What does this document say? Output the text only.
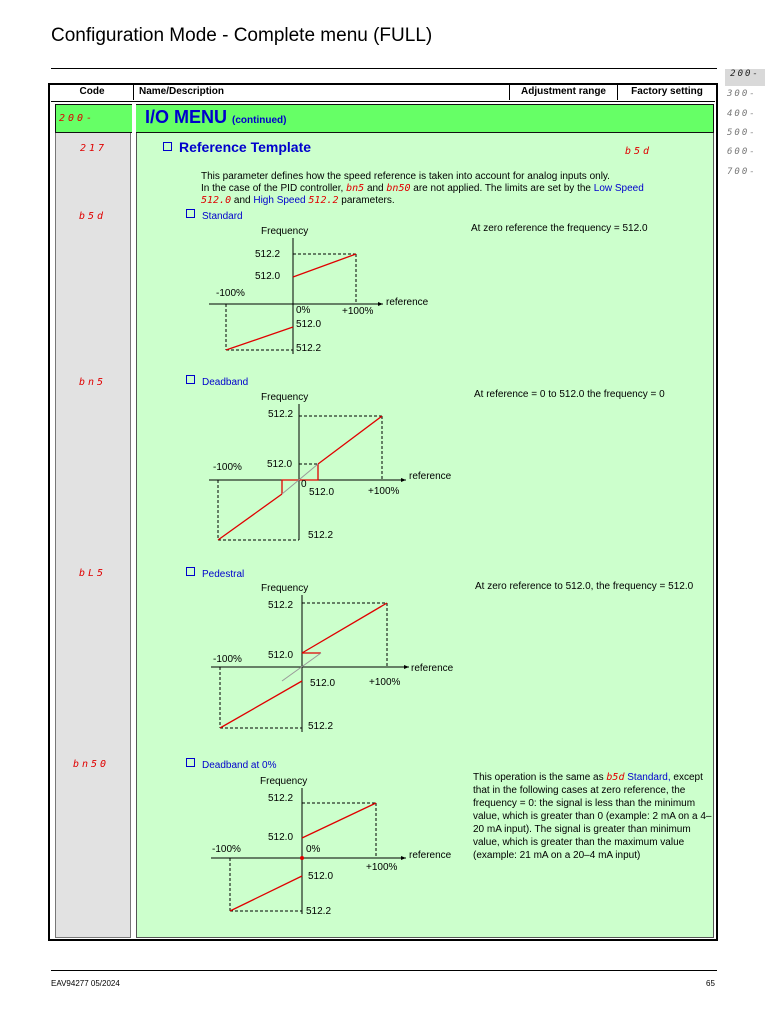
Configuration Mode - Complete menu (FULL)
200-
300-
400-
500-
600-
700-
Code	Name/Description	Adjustment range	Factory setting
200-	I/O MENU (continued)
217	Reference Template	b5d
This parameter defines how the speed reference is taken into account for analog inputs only.
In the case of the PID controller, bn5 and bn50 are not applied. The limits are set by the Low Speed
512.0 and High Speed 512.2 parameters.
b5d	Standard
At zero reference the frequency = 512.0
bn5	Deadband
At reference = 0 to 512.0 the frequency = 0
bL5	Pedestral
At zero reference to 512.0, the frequency = 512.0
bn50	Deadband at 0%
This operation is the same as b5d Standard, except that in the following cases at zero reference, the frequency = 0: the signal is less than the minimum value, which is greater than 0 (example: 2 mA on a 4–20 mA input). The signal is greater than minimum value, which is greater than the maximum value (example: 21 mA on a 20–4 mA input)
Frequency
512.2
512.0
-100%
reference
0%	+100%
512.0
512.2
Frequency
512.2
512.0
-100%
reference
0
512.0	+100%
512.2
Frequency
512.2
512.0
-100%
reference
512.0	+100%
512.2
Frequency
512.2
512.0
-100%	0%
reference
+100%
512.0
512.2
EAV94277 05/2024	65
